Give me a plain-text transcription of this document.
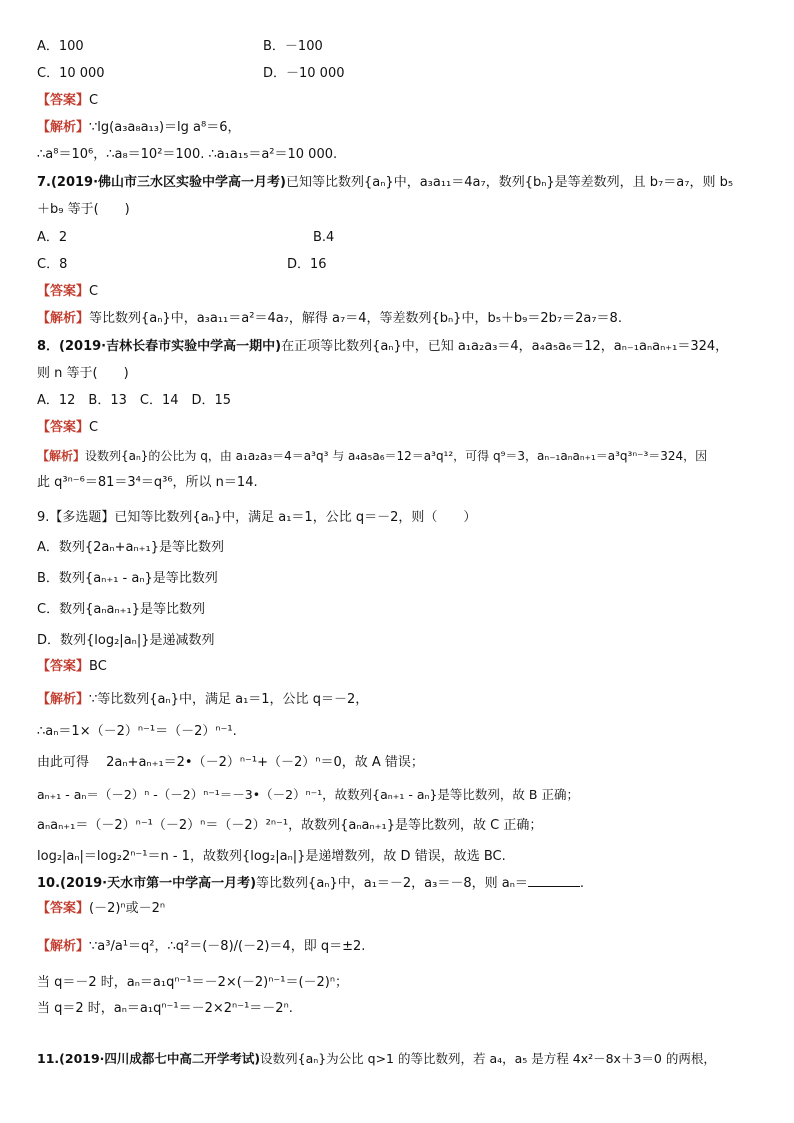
A．100	B．－100
C．10 000	D．－10 000
【答案】C
【解析】∵lg(a₃a₈a₁₃)＝lg a⁸＝6，
∴a⁸＝10⁶，∴a₈＝10²＝100. ∴a₁a₁₅＝a²＝10 000.
7.(2019·佛山市三水区实验中学高一月考)已知等比数列{aₙ}中，a₃a₁₁＝4a₇，数列{bₙ}是等差数列，且 b₇＝a₇，则 b₅
＋b₉ 等于(　　)
A．2	B.4
C．8	D．16
【答案】C
【解析】等比数列{aₙ}中，a₃a₁₁＝a²＝4a₇，解得 a₇＝4，等差数列{bₙ}中，b₅＋b₉＝2b₇＝2a₇＝8.
8．(2019·吉林长春市实验中学高一期中)在正项等比数列{aₙ}中，已知 a₁a₂a₃＝4，a₄a₅a₆＝12，aₙ₋₁aₙaₙ₊₁＝324，
则 n 等于(　　)
A．12　B．13　C．14　D．15
【答案】C
【解析】设数列{aₙ}的公比为 q，由 a₁a₂a₃＝4＝a³q³ 与 a₄a₅a₆＝12＝a³q¹²，可得 q⁹＝3，aₙ₋₁aₙaₙ₊₁＝a³q³ⁿ⁻³＝324，因
此 q³ⁿ⁻⁶＝81＝3⁴＝q³⁶，所以 n＝14.
9.【多选题】已知等比数列{aₙ}中，满足 a₁＝1，公比 q＝－2，则（　　）
A．数列{2aₙ+aₙ₊₁}是等比数列
B．数列{aₙ₊₁ - aₙ}是等比数列
C．数列{aₙaₙ₊₁}是等比数列
D．数列{log₂|aₙ|}是递减数列
【答案】BC
【解析】∵等比数列{aₙ}中，满足 a₁＝1，公比 q＝－2，
∴aₙ＝1×（－2）ⁿ⁻¹＝（－2）ⁿ⁻¹.
由此可得　 2aₙ+aₙ₊₁＝2•（－2）ⁿ⁻¹+（－2）ⁿ＝0，故 A 错误；
aₙ₊₁ - aₙ＝（－2）ⁿ -（－2）ⁿ⁻¹＝－3•（－2）ⁿ⁻¹，故数列{aₙ₊₁ - aₙ}是等比数列，故 B 正确；
aₙaₙ₊₁＝（－2）ⁿ⁻¹（－2）ⁿ＝（－2）²ⁿ⁻¹，故数列{aₙaₙ₊₁}是等比数列，故 C 正确；
log₂|aₙ|＝log₂2ⁿ⁻¹＝n - 1，故数列{log₂|aₙ|}是递增数列，故 D 错误，故选 BC.
10.(2019·天水市第一中学高一月考)等比数列{aₙ}中，a₁＝－2，a₃＝－8，则 aₙ＝	.
【答案】(－2)ⁿ或－2ⁿ
【解析】∵a³/a¹＝q²，∴q²＝(－8)/(－2)＝4，即 q＝±2.
当 q＝－2 时，aₙ＝a₁qⁿ⁻¹＝－2×(－2)ⁿ⁻¹＝(－2)ⁿ；
当 q＝2 时，aₙ＝a₁qⁿ⁻¹＝－2×2ⁿ⁻¹＝－2ⁿ.
11.(2019·四川成都七中高二开学考试)设数列{aₙ}为公比 q>1 的等比数列，若 a₄，a₅ 是方程 4x²－8x＋3＝0 的两根，
